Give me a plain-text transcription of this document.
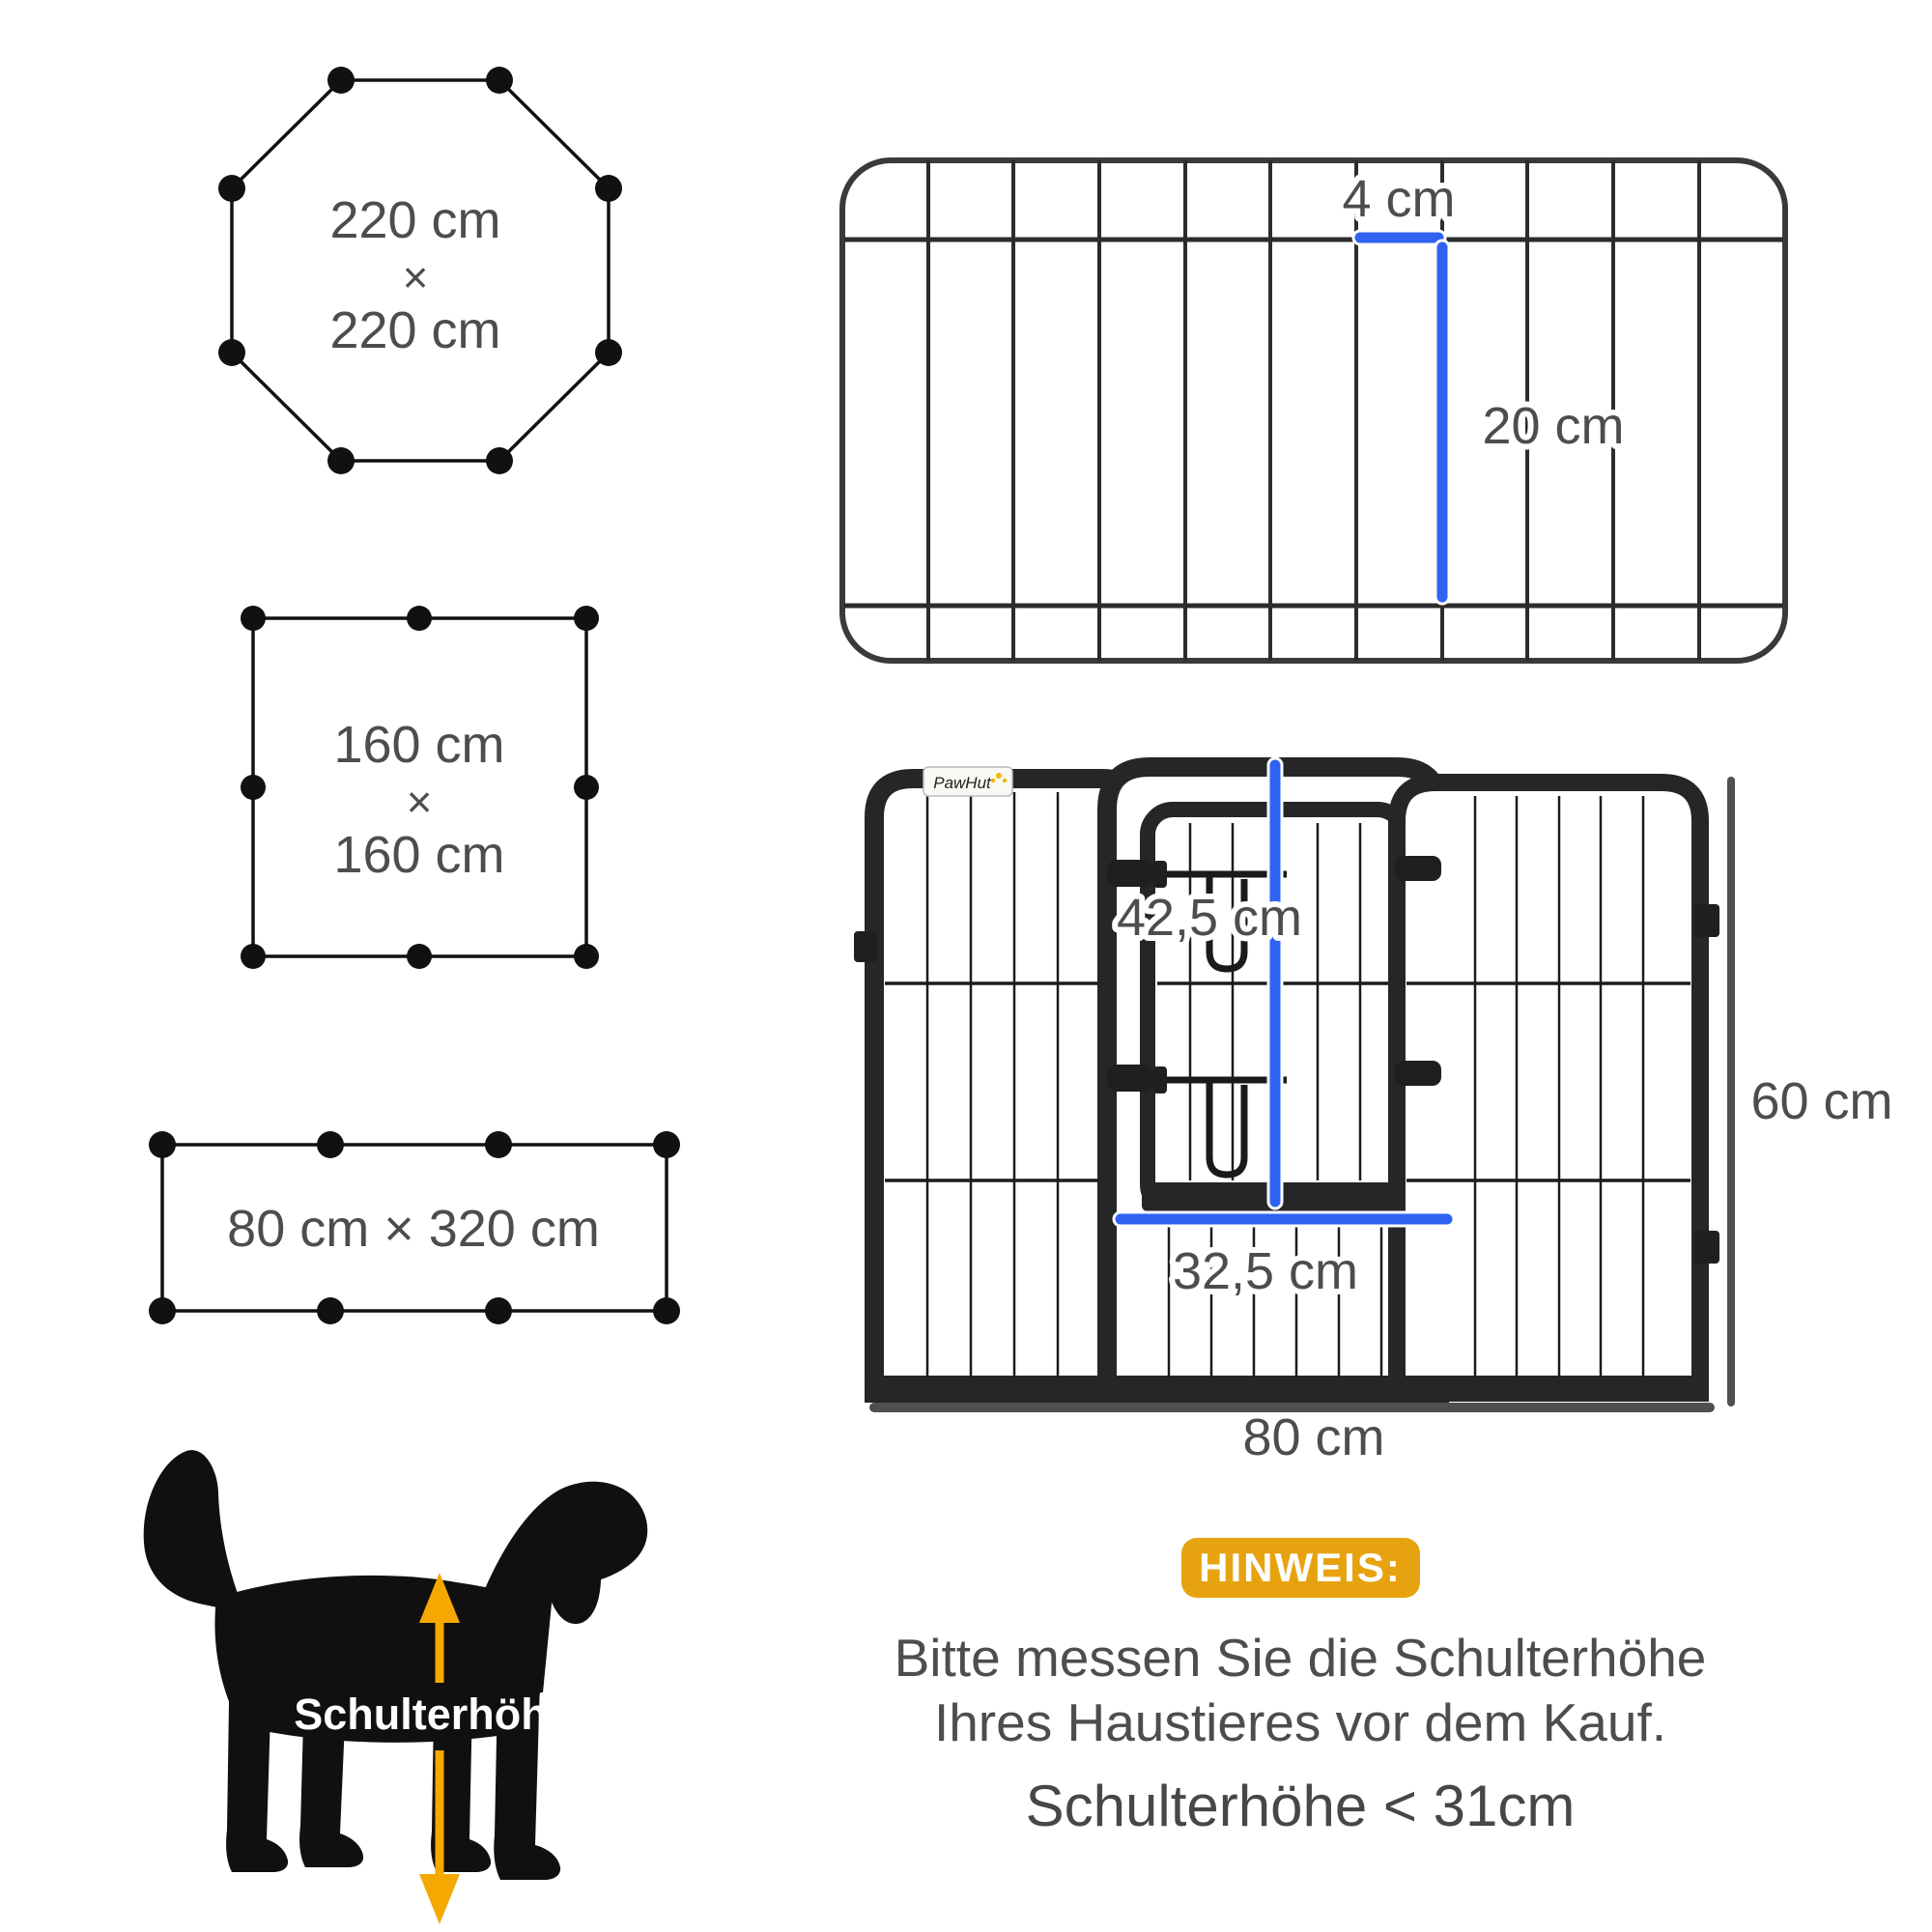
220 cm
×
220 cm
160 cm
×
160 cm
80 cm × 320 cm
4 cm
20 cm
PawHut
42,5 cm
32,5 cm
60 cm
80 cm
Schulterhöhe
HINWEIS:
Bitte messen Sie die Schulterhöhe
Ihres Haustieres vor dem Kauf.
Schulterhöhe < 31cm
